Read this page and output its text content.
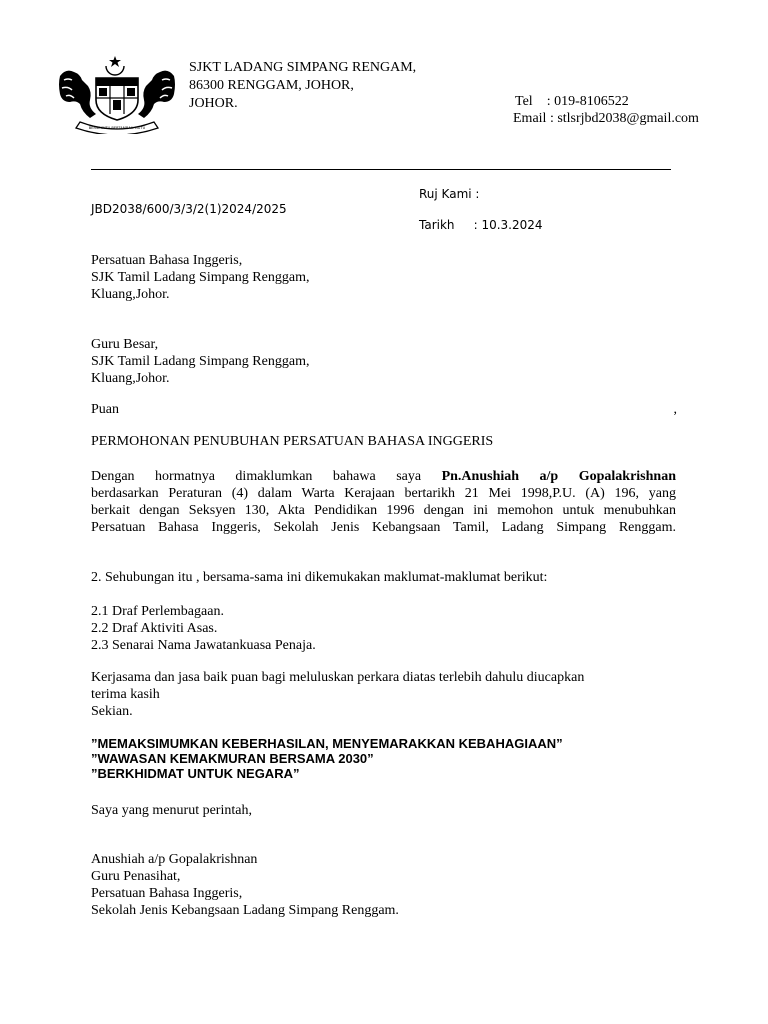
BERSEKUTU BERTAMBAH MUTU
SJKT LADANG SIMPANG RENGAM,
86300 RENGGAM, JOHOR,
JOHOR.	Tel : 019-8106522
Email : stlsrjbd2038@gmail.com
Ruj Kami :
JBD2038/600/3/3/2(1)2024/2025
Tarikh : 10.3.2024
Persatuan Bahasa Inggeris,
SJK Tamil Ladang Simpang Renggam,
Kluang,Johor.
Guru Besar,
SJK Tamil Ladang Simpang Renggam,
Kluang,Johor.
Puan	,
PERMOHONAN PENUBUHAN PERSATUAN BAHASA INGGERIS
Dengan hormatnya dimaklumkan bahawa saya Pn.Anushiah a/p Gopalakrishnan
berdasarkan Peraturan (4) dalam Warta Kerajaan bertarikh 21 Mei 1998,P.U. (A) 196, yang
berkait dengan Seksyen 130, Akta Pendidikan 1996 dengan ini memohon untuk menubuhkan
Persatuan Bahasa Inggeris, Sekolah Jenis Kebangsaan Tamil, Ladang Simpang Renggam.
2. Sehubungan itu , bersama-sama ini dikemukakan maklumat-maklumat berikut:
2.1 Draf Perlembagaan.
2.2 Draf Aktiviti Asas.
2.3 Senarai Nama Jawatankuasa Penaja.
Kerjasama dan jasa baik puan bagi meluluskan perkara diatas terlebih dahulu diucapkan
terima kasih
Sekian.
”MEMAKSIMUMKAN KEBERHASILAN, MENYEMARAKKAN KEBAHAGIAAN”
”WAWASAN KEMAKMURAN BERSAMA 2030”
”BERKHIDMAT UNTUK NEGARA”
Saya yang menurut perintah,
Anushiah a/p Gopalakrishnan
Guru Penasihat,
Persatuan Bahasa Inggeris,
Sekolah Jenis Kebangsaan Ladang Simpang Renggam.
